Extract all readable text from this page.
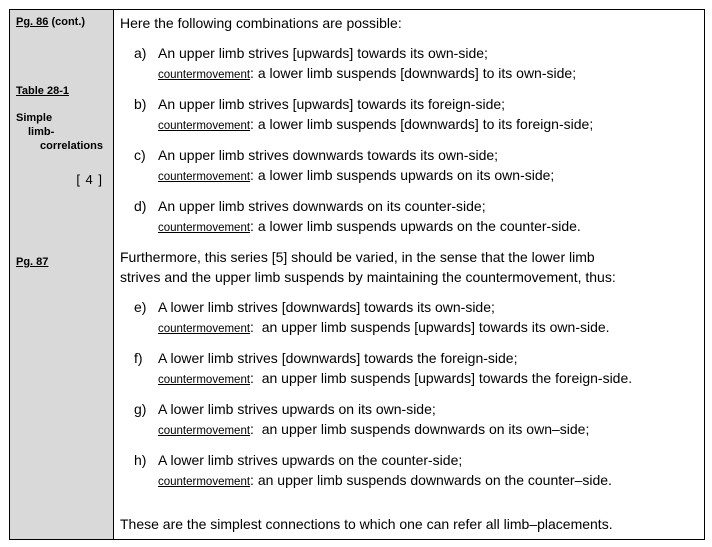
Pg. 86 (cont.)

Table 28-1

Simple

limb-

correlations

[ 4 ]

Pg. 87

Here the following combinations are possible:

a) An upper limb strives [upwards] towards its own-side;
countermovement: a lower limb suspends [downwards] to its own-side;
b) An upper limb strives [upwards] towards its foreign-side;
countermovement: a lower limb suspends [downwards] to its foreign-side;
c) An upper limb strives downwards towards its own-side;
countermovement: a lower limb suspends upwards on its own-side;
d) An upper limb strives downwards on its counter-side;
countermovement: a lower limb suspends upwards on the counter-side.

Furthermore, this series [5] should be varied, in the sense that the lower limb

strives and the upper limb suspends by maintaining the countermovement, thus:

e) A lower limb strives [downwards] towards its own-side;
countermovement:  an upper limb suspends [upwards] towards its own-side.
f) A lower limb strives [downwards] towards the foreign-side;
countermovement:  an upper limb suspends [upwards] towards the foreign-side.
g) A lower limb strives upwards on its own-side;
countermovement:  an upper limb suspends downwards on its own–side;
h) A lower limb strives upwards on the counter-side;
countermovement: an upper limb suspends downwards on the counter–side.

These are the simplest connections to which one can refer all limb–placements.
